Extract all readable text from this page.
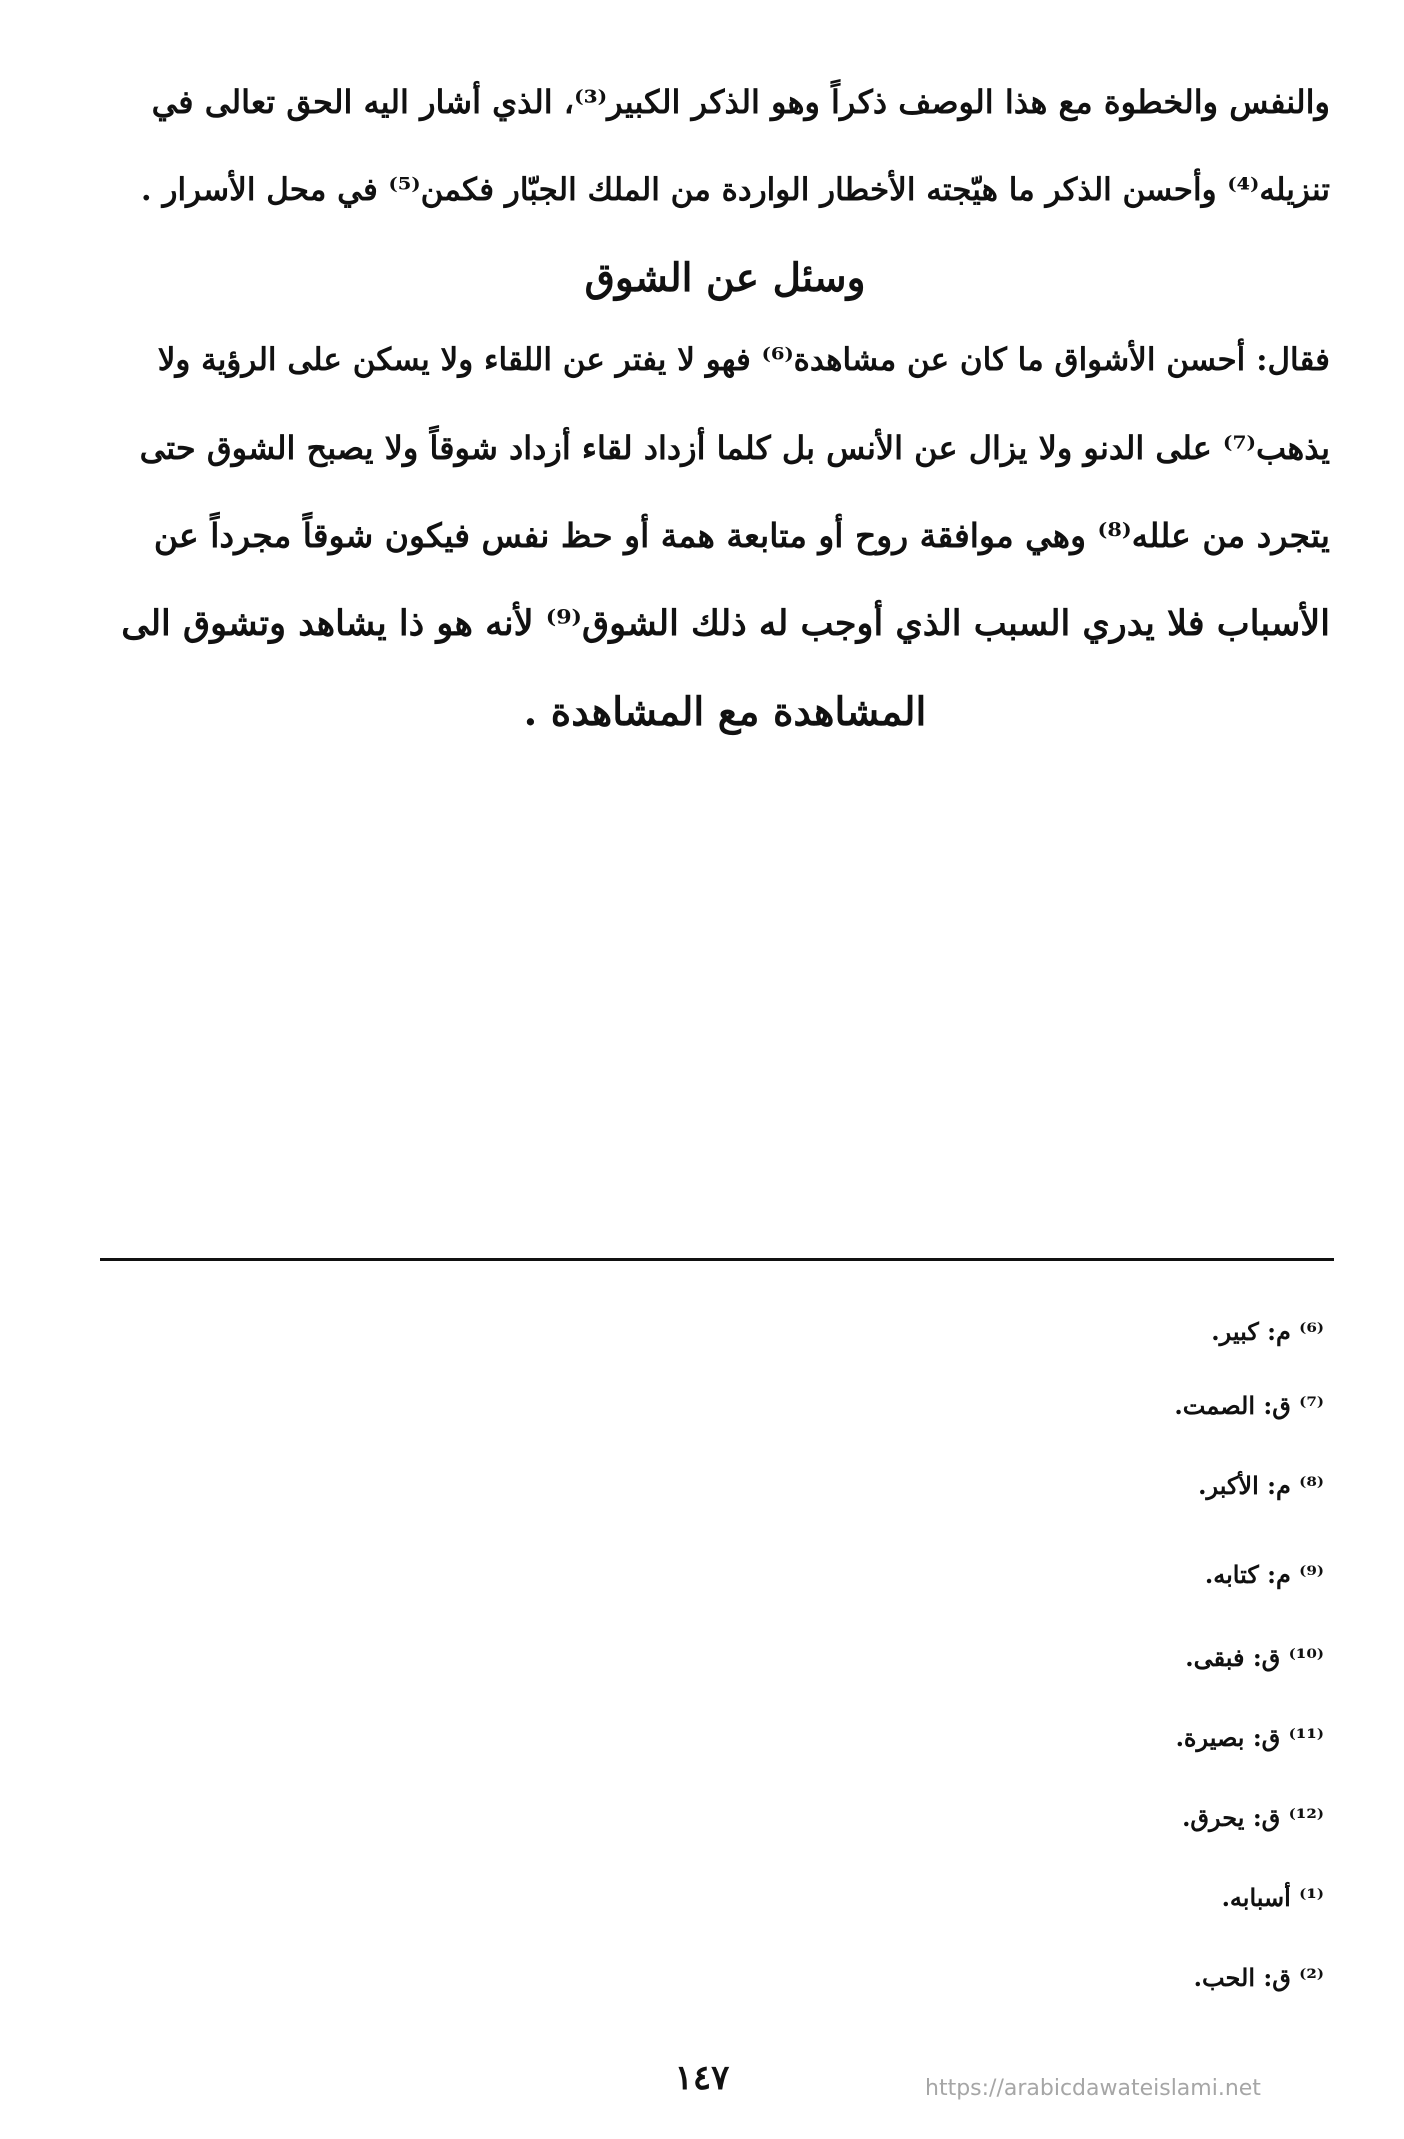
والنفس والخطوة مع هذا الوصف ذكراً وهو الذكر الكبير⁽³⁾، الذي أشار اليه الحق تعالى في
تنزيله⁽⁴⁾ وأحسن الذكر ما هيّجته الأخطار الواردة من الملك الجبّار فكمن⁽⁵⁾ في محل الأسرار .
وسئل عن الشوق
فقال: أحسن الأشواق ما كان عن مشاهدة⁽⁶⁾ فهو لا يفتر عن اللقاء ولا يسكن على الرؤية ولا
يذهب⁽⁷⁾ على الدنو ولا يزال عن الأنس بل كلما أزداد لقاء أزداد شوقاً ولا يصبح الشوق حتى
يتجرد من علله⁽⁸⁾ وهي موافقة روح أو متابعة همة أو حظ نفس فيكون شوقاً مجرداً عن
الأسباب فلا يدري السبب الذي أوجب له ذلك الشوق⁽⁹⁾ لأنه هو ذا يشاهد وتشوق الى
المشاهدة مع المشاهدة .
⁽⁶⁾ م: كبير.
⁽⁷⁾ ق: الصمت.
⁽⁸⁾ م: الأكبر.
⁽⁹⁾ م: كتابه.
⁽¹⁰⁾ ق: فبقى.
⁽¹¹⁾ ق: بصيرة.
⁽¹²⁾ ق: يحرق.
⁽¹⁾ أسبابه.
⁽²⁾ ق: الحب.
١٤٧	https://arabicdawateislami.net
